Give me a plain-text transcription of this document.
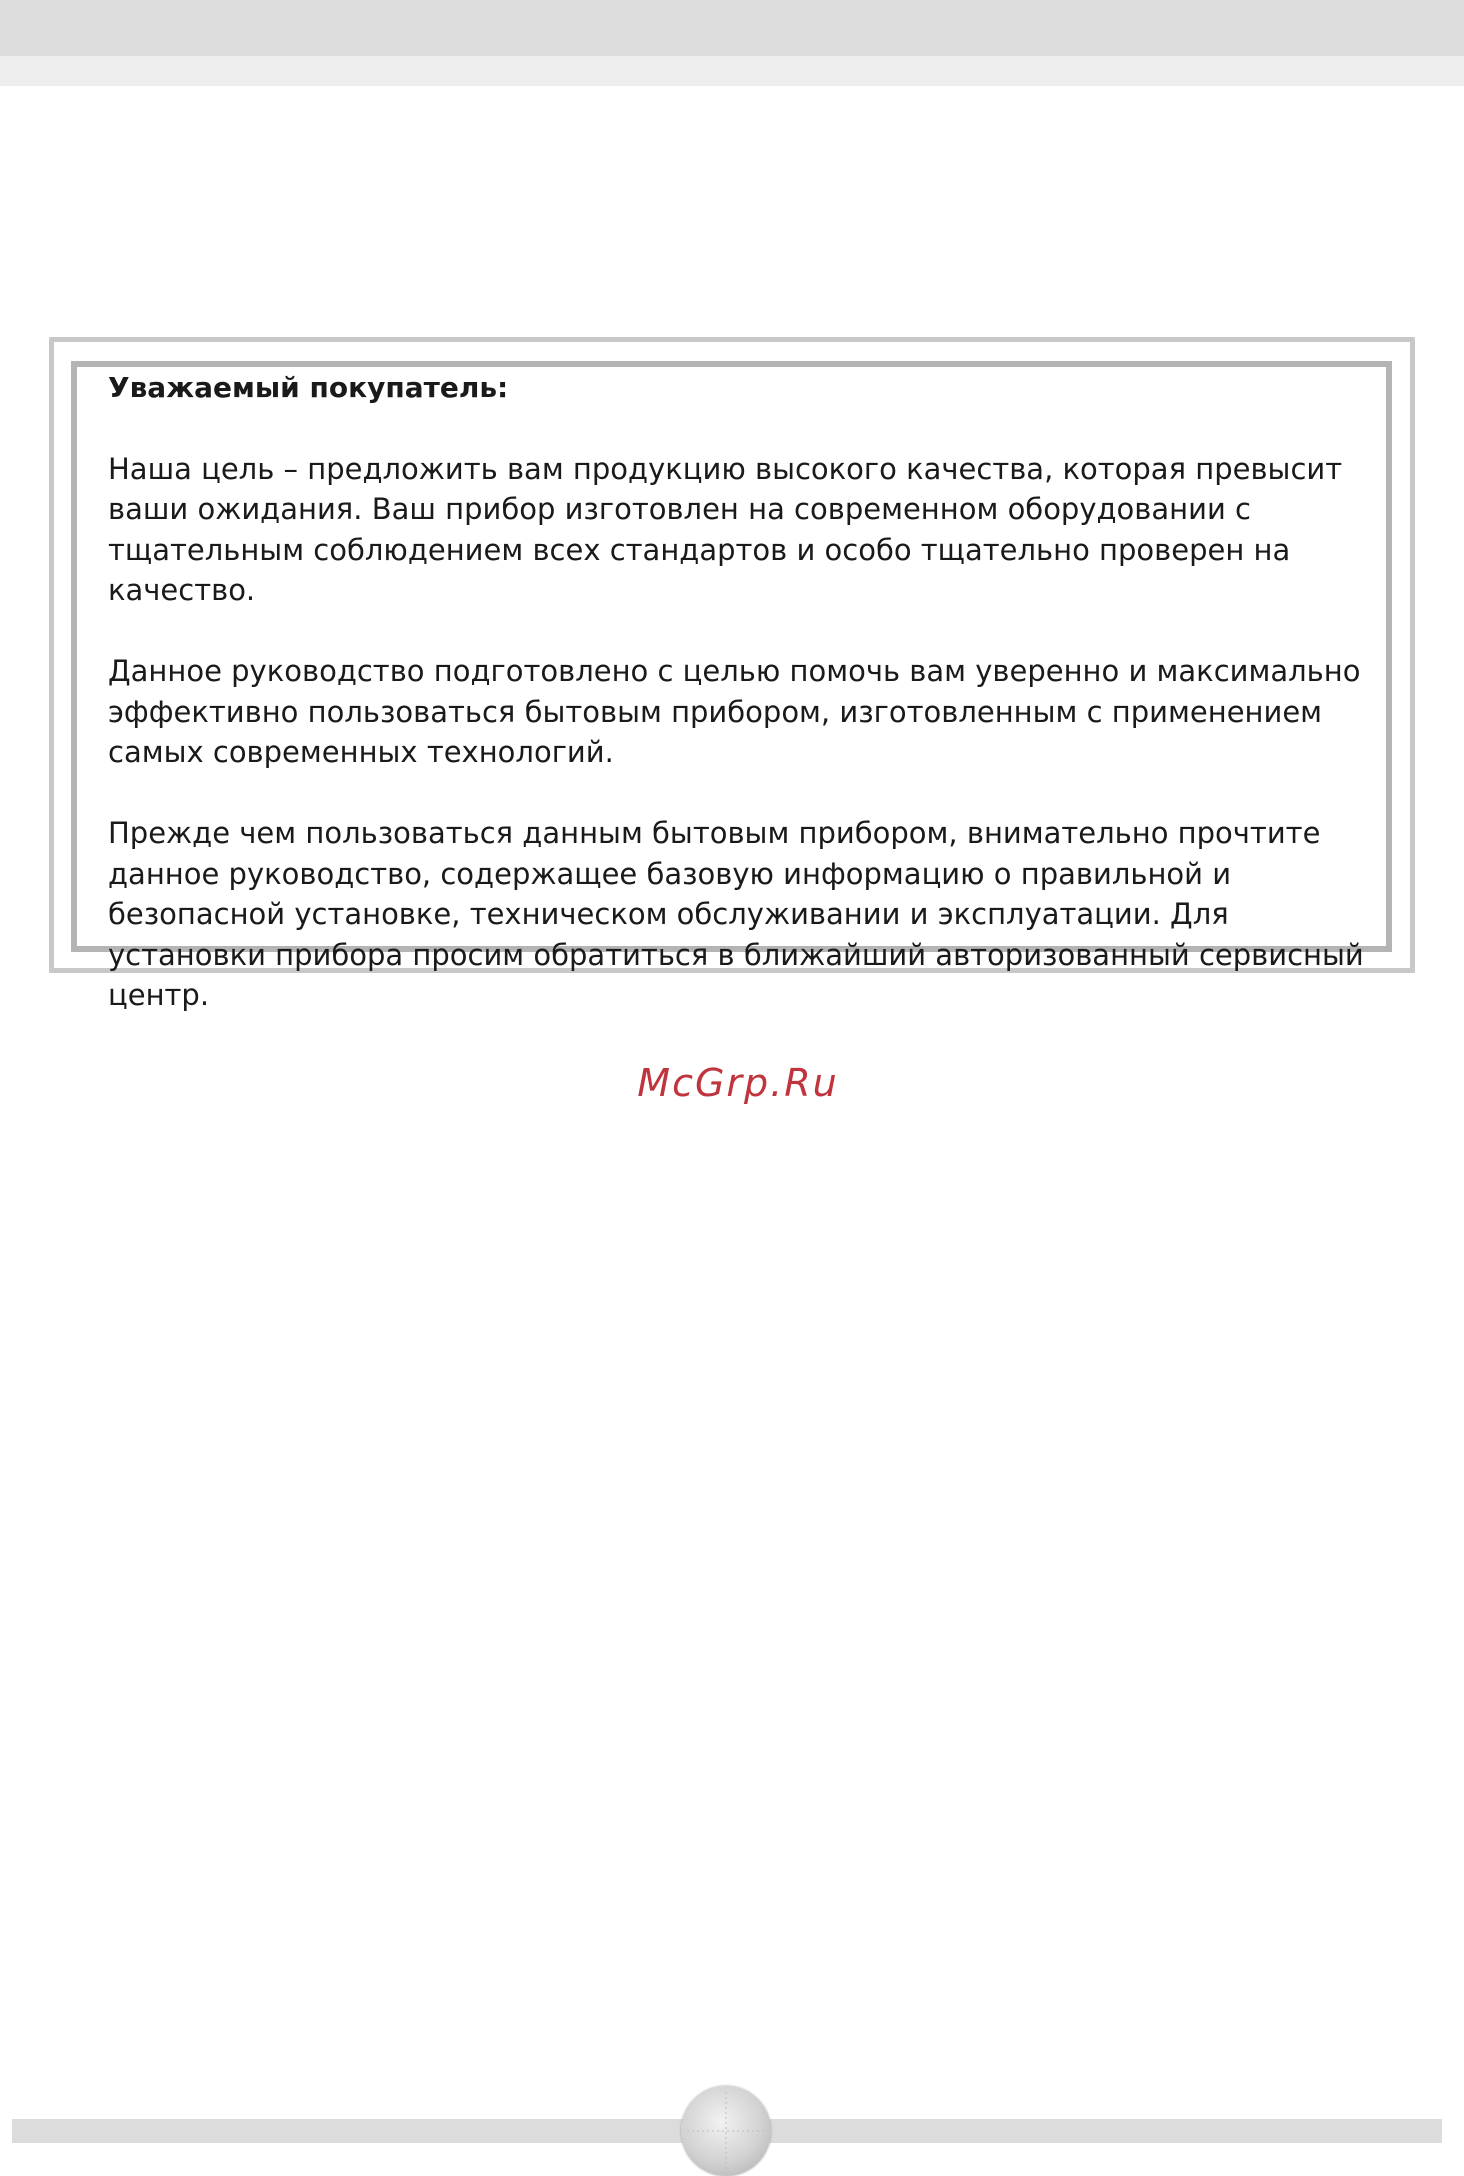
Уважаемый покупатель:

Наша цель – предложить вам продукцию высокого качества, которая превысит ваши ожидания. Ваш прибор изготовлен на современном оборудовании с тщательным соблюдением всех стандартов и особо тщательно проверен на качество.

Данное руководство подготовлено с целью помочь вам уверенно и максимально эффективно пользоваться бытовым прибором, изготовленным с применением самых современных технологий.

Прежде чем пользоваться данным бытовым прибором, внимательно прочтите данное руководство, содержащее базовую информацию о правильной и безопасной установке, техническом обслуживании и эксплуатации. Для установки прибора просим обратиться в ближайший авторизованный сервисный центр.

McGrp.Ru
